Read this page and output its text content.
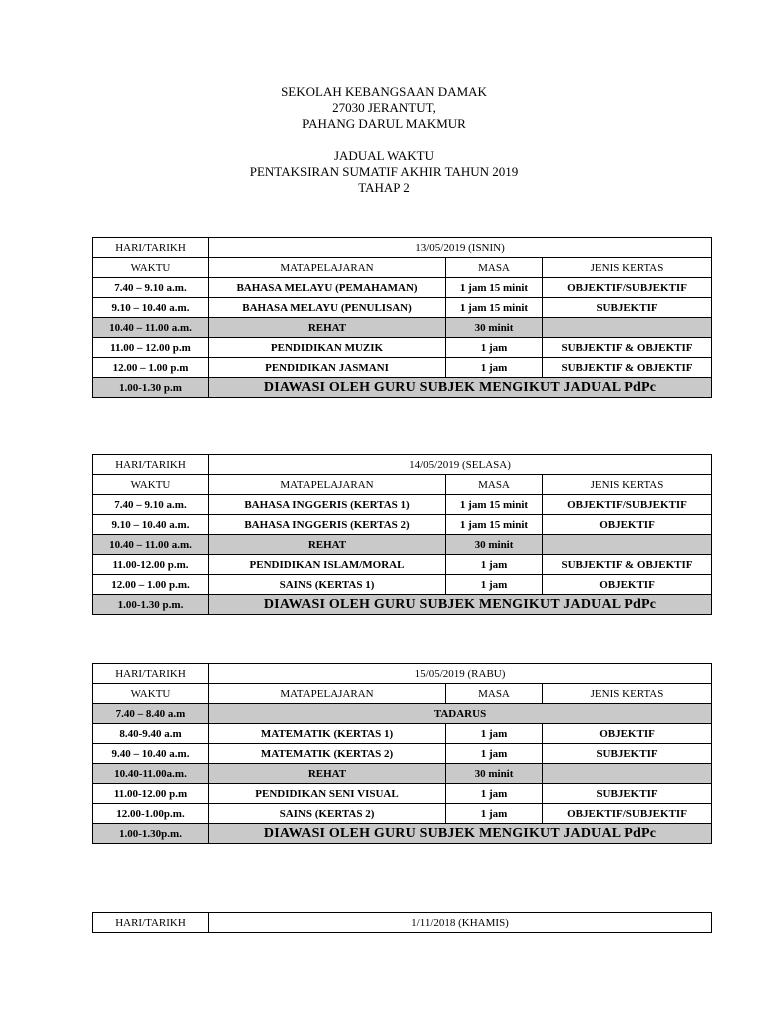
SEKOLAH KEBANGSAAN DAMAK
27030 JERANTUT,
PAHANG DARUL MAKMUR
JADUAL WAKTU
PENTAKSIRAN SUMATIF AKHIR TAHUN 2019
TAHAP 2
HARI/TARIKH	13/05/2019 (ISNIN)		
WAKTU	MATAPELAJARAN	MASA	JENIS KERTAS
7.40 – 9.10 a.m.	BAHASA MELAYU (PEMAHAMAN)	1 jam 15 minit	OBJEKTIF/SUBJEKTIF
9.10 – 10.40 a.m.	BAHASA MELAYU (PENULISAN)	1 jam 15 minit	SUBJEKTIF
10.40 – 11.00 a.m.	REHAT	30 minit	
11.00 – 12.00 p.m	PENDIDIKAN MUZIK	1 jam	SUBJEKTIF & OBJEKTIF
12.00 – 1.00 p.m	PENDIDIKAN JASMANI	1 jam	SUBJEKTIF & OBJEKTIF
1.00-1.30 p.m	DIAWASI OLEH GURU SUBJEK MENGIKUT JADUAL PdPc		
HARI/TARIKH	14/05/2019 (SELASA)		
WAKTU	MATAPELAJARAN	MASA	JENIS KERTAS
7.40 – 9.10 a.m.	BAHASA INGGERIS (KERTAS 1)	1 jam 15 minit	OBJEKTIF/SUBJEKTIF
9.10 – 10.40 a.m.	BAHASA INGGERIS (KERTAS 2)	1 jam 15 minit	OBJEKTIF
10.40 – 11.00 a.m.	REHAT	30 minit	
11.00-12.00 p.m.	PENDIDIKAN ISLAM/MORAL	1 jam	SUBJEKTIF & OBJEKTIF
12.00 – 1.00 p.m.	SAINS (KERTAS 1)	1 jam	OBJEKTIF
1.00-1.30 p.m.	DIAWASI OLEH GURU SUBJEK MENGIKUT JADUAL PdPc		
HARI/TARIKH	15/05/2019 (RABU)		
WAKTU	MATAPELAJARAN	MASA	JENIS KERTAS
7.40 – 8.40 a.m	TADARUS		
8.40-9.40 a.m	MATEMATIK (KERTAS 1)	1 jam	OBJEKTIF
9.40 – 10.40 a.m.	MATEMATIK (KERTAS 2)	1 jam	SUBJEKTIF
10.40-11.00a.m.	REHAT	30 minit	
11.00-12.00 p.m	PENDIDIKAN SENI VISUAL	1 jam	SUBJEKTIF
12.00-1.00p.m.	SAINS (KERTAS 2)	1 jam	OBJEKTIF/SUBJEKTIF
1.00-1.30p.m.	DIAWASI OLEH GURU SUBJEK MENGIKUT JADUAL PdPc		
HARI/TARIKH	1/11/2018 (KHAMIS)
